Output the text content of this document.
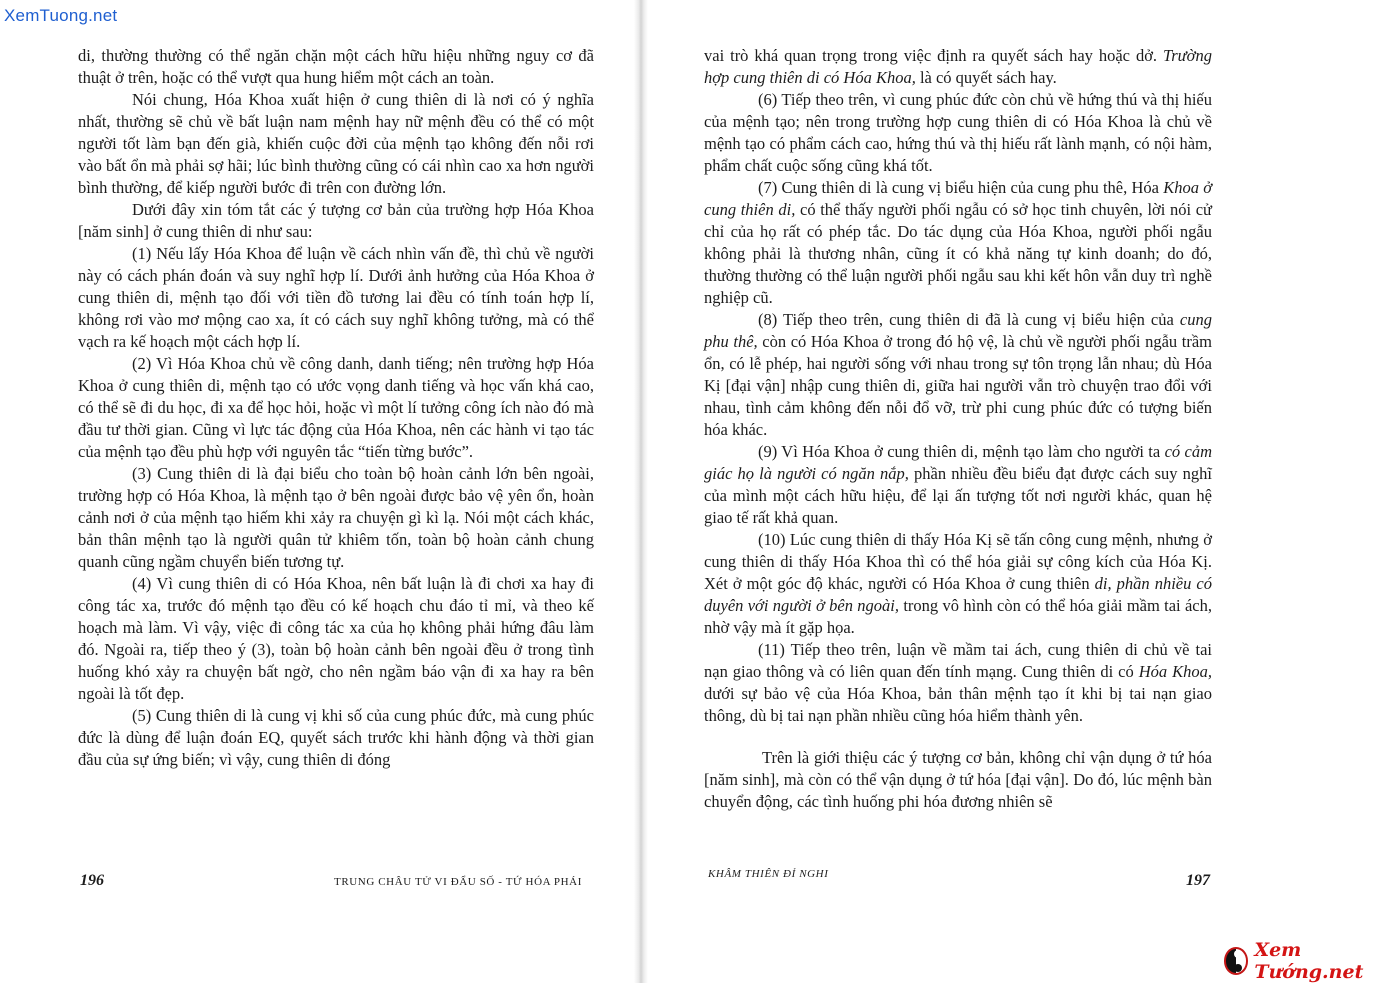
XemTuong.net

di, thường thường có thể ngăn chặn một cách hữu hiệu những nguy cơ đã thuật ở trên, hoặc có thể vượt qua hung hiểm một cách an toàn.

Nói chung, Hóa Khoa xuất hiện ở cung thiên di là nơi có ý nghĩa nhất, thường sẽ chủ về bất luận nam mệnh hay nữ mệnh đều có thể có một người tốt làm bạn đến già, khiến cuộc đời của mệnh tạo không đến nỗi rơi vào bất ổn mà phải sợ hãi; lúc bình thường cũng có cái nhìn cao xa hơn người bình thường, để kiếp người bước đi trên con đường lớn.

Dưới đây xin tóm tắt các ý tượng cơ bản của trường hợp Hóa Khoa [năm sinh] ở cung thiên di như sau:

(1) Nếu lấy Hóa Khoa để luận về cách nhìn vấn đề, thì chủ về người này có cách phán đoán và suy nghĩ hợp lí. Dưới ảnh hưởng của Hóa Khoa ở cung thiên di, mệnh tạo đối với tiền đồ tương lai đều có tính toán hợp lí, không rơi vào mơ mộng cao xa, ít có cách suy nghĩ không tưởng, mà có thể vạch ra kế hoạch một cách hợp lí.

(2) Vì Hóa Khoa chủ về công danh, danh tiếng; nên trường hợp Hóa Khoa ở cung thiên di, mệnh tạo có ước vọng danh tiếng và học vấn khá cao, có thể sẽ đi du học, đi xa để học hỏi, hoặc vì một lí tưởng công ích nào đó mà đầu tư thời gian. Cũng vì lực tác động của Hóa Khoa, nên các hành vi tạo tác của mệnh tạo đều phù hợp với nguyên tắc “tiến từng bước”.

(3) Cung thiên di là đại biểu cho toàn bộ hoàn cảnh lớn bên ngoài, trường hợp có Hóa Khoa, là mệnh tạo ở bên ngoài được bảo vệ yên ổn, hoàn cảnh nơi ở của mệnh tạo hiếm khi xảy ra chuyện gì kì lạ. Nói một cách khác, bản thân mệnh tạo là người quân tử khiêm tốn, toàn bộ hoàn cảnh chung quanh cũng ngầm chuyển biến tương tự.

(4) Vì cung thiên di có Hóa Khoa, nên bất luận là đi chơi xa hay đi công tác xa, trước đó mệnh tạo đều có kế hoạch chu đáo tỉ mỉ, và theo kế hoạch mà làm. Vì vậy, việc đi công tác xa của họ không phải hứng đâu làm đó. Ngoài ra, tiếp theo ý (3), toàn bộ hoàn cảnh bên ngoài đều ở trong tình huống khó xảy ra chuyện bất ngờ, cho nên ngầm báo vận đi xa hay ra bên ngoài là tốt đẹp.

(5) Cung thiên di là cung vị khi số của cung phúc đức, mà cung phúc đức là dùng để luận đoán EQ, quyết sách trước khi hành động và thời gian đầu của sự ứng biến; vì vậy, cung thiên di đóng

vai trò khá quan trọng trong việc định ra quyết sách hay hoặc dở. Trường hợp cung thiên di có Hóa Khoa, là có quyết sách hay.

(6) Tiếp theo trên, vì cung phúc đức còn chủ về hứng thú và thị hiếu của mệnh tạo; nên trong trường hợp cung thiên di có Hóa Khoa là chủ về mệnh tạo có phẩm cách cao, hứng thú và thị hiếu rất lành mạnh, có nội hàm, phẩm chất cuộc sống cũng khá tốt.

(7) Cung thiên di là cung vị biểu hiện của cung phu thê, Hóa Khoa ở cung thiên di, có thể thấy người phối ngẫu có sở học tinh chuyên, lời nói cử chỉ của họ rất có phép tắc. Do tác dụng của Hóa Khoa, người phối ngẫu không phải là thương nhân, cũng ít có khả năng tự kinh doanh; do đó, thường thường có thể luận người phối ngẫu sau khi kết hôn vẫn duy trì nghề nghiệp cũ.

(8) Tiếp theo trên, cung thiên di đã là cung vị biểu hiện của cung phu thê, còn có Hóa Khoa ở trong đó hộ vệ, là chủ về người phối ngẫu trầm ổn, có lễ phép, hai người sống với nhau trong sự tôn trọng lẫn nhau; dù Hóa Kị [đại vận] nhập cung thiên di, giữa hai người vẫn trò chuyện trao đổi với nhau, tình cảm không đến nỗi đổ vỡ, trừ phi cung phúc đức có tượng biến hóa khác.

(9) Vì Hóa Khoa ở cung thiên di, mệnh tạo làm cho người ta có cảm giác họ là người có ngăn nắp, phần nhiều đều biểu đạt được cách suy nghĩ của mình một cách hữu hiệu, để lại ấn tượng tốt nơi người khác, quan hệ giao tế rất khả quan.

(10) Lúc cung thiên di thấy Hóa Kị sẽ tấn công cung mệnh, nhưng ở cung thiên di thấy Hóa Khoa thì có thể hóa giải sự công kích của Hóa Kị. Xét ở một góc độ khác, người có Hóa Khoa ở cung thiên di, phần nhiều có duyên với người ở bên ngoài, trong vô hình còn có thể hóa giải mầm tai ách, nhờ vậy mà ít gặp họa.

(11) Tiếp theo trên, luận về mầm tai ách, cung thiên di chủ về tai nạn giao thông và có liên quan đến tính mạng. Cung thiên di có Hóa Khoa, dưới sự bảo vệ của Hóa Khoa, bản thân mệnh tạo ít khi bị tai nạn giao thông, dù bị tai nạn phần nhiều cũng hóa hiểm thành yên.

Trên là giới thiệu các ý tượng cơ bản, không chỉ vận dụng ở tứ hóa [năm sinh], mà còn có thể vận dụng ở tứ hóa [đại vận]. Do đó, lúc mệnh bàn chuyển động, các tình huống phi hóa đương nhiên sẽ

196	TRUNG CHÂU TỬ VI ĐẨU SỐ - TỨ HÓA PHÁI
KHÂM THIÊN ĐỈ NGHI	197
Xem Tướng.net
